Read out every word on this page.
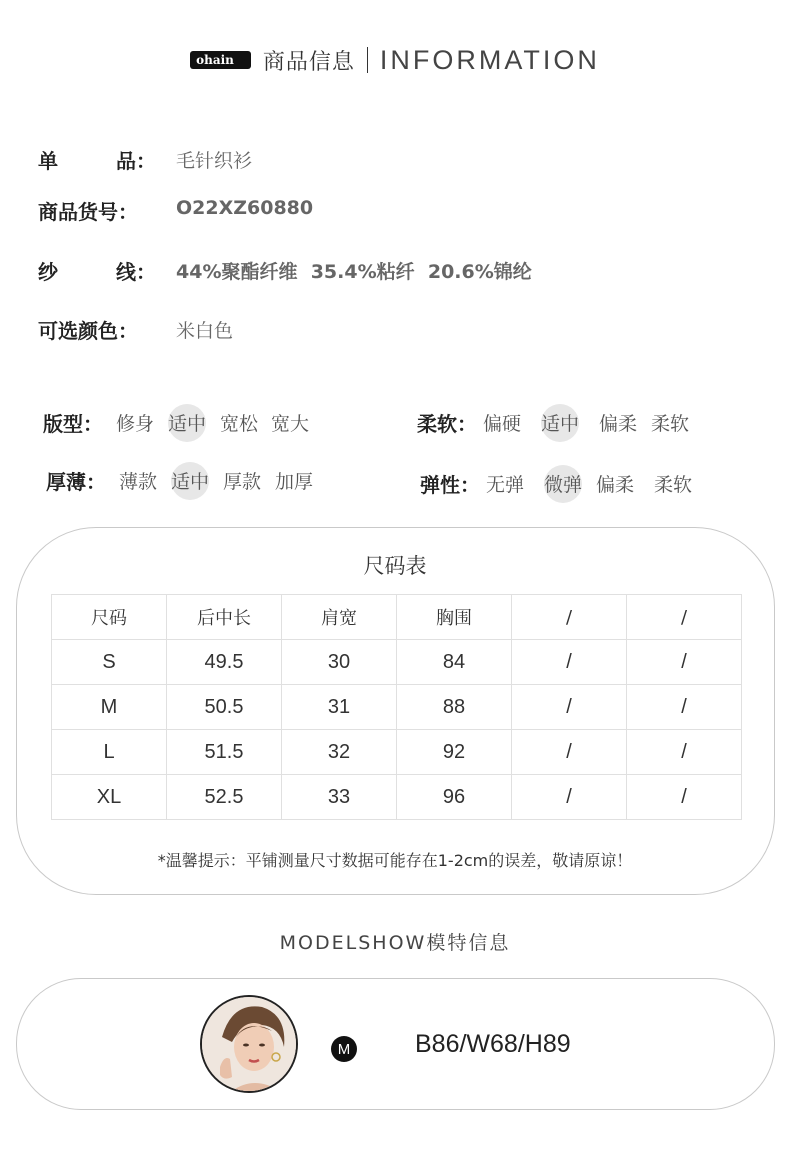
ohain 商品信息 INFORMATION
单	品： 毛针织衫
商品货号 ： O22XZ60880
纱	线： 44%聚酯纤维  35.4%粘纤  20.6%锦纶
可选颜色 ： 米白色
版型： 修身 适中 宽松 宽大	柔软： 偏硬 适中 偏柔 柔软
厚薄： 薄款 适中 厚款 加厚	弹性： 无弹 微弹 偏柔 柔软
尺码表
尺码	后中长	肩宽	胸围	/	/
S	49.5	30	84	/	/
M	50.5	31	88	/	/
L	51.5	32	92	/	/
XL	52.5	33	96	/	/
*温馨提示：平铺测量尺寸数据可能存在1-2cm的误差，敬请原谅！
MODELSHOW模特信息
M	B86/W68/H89
